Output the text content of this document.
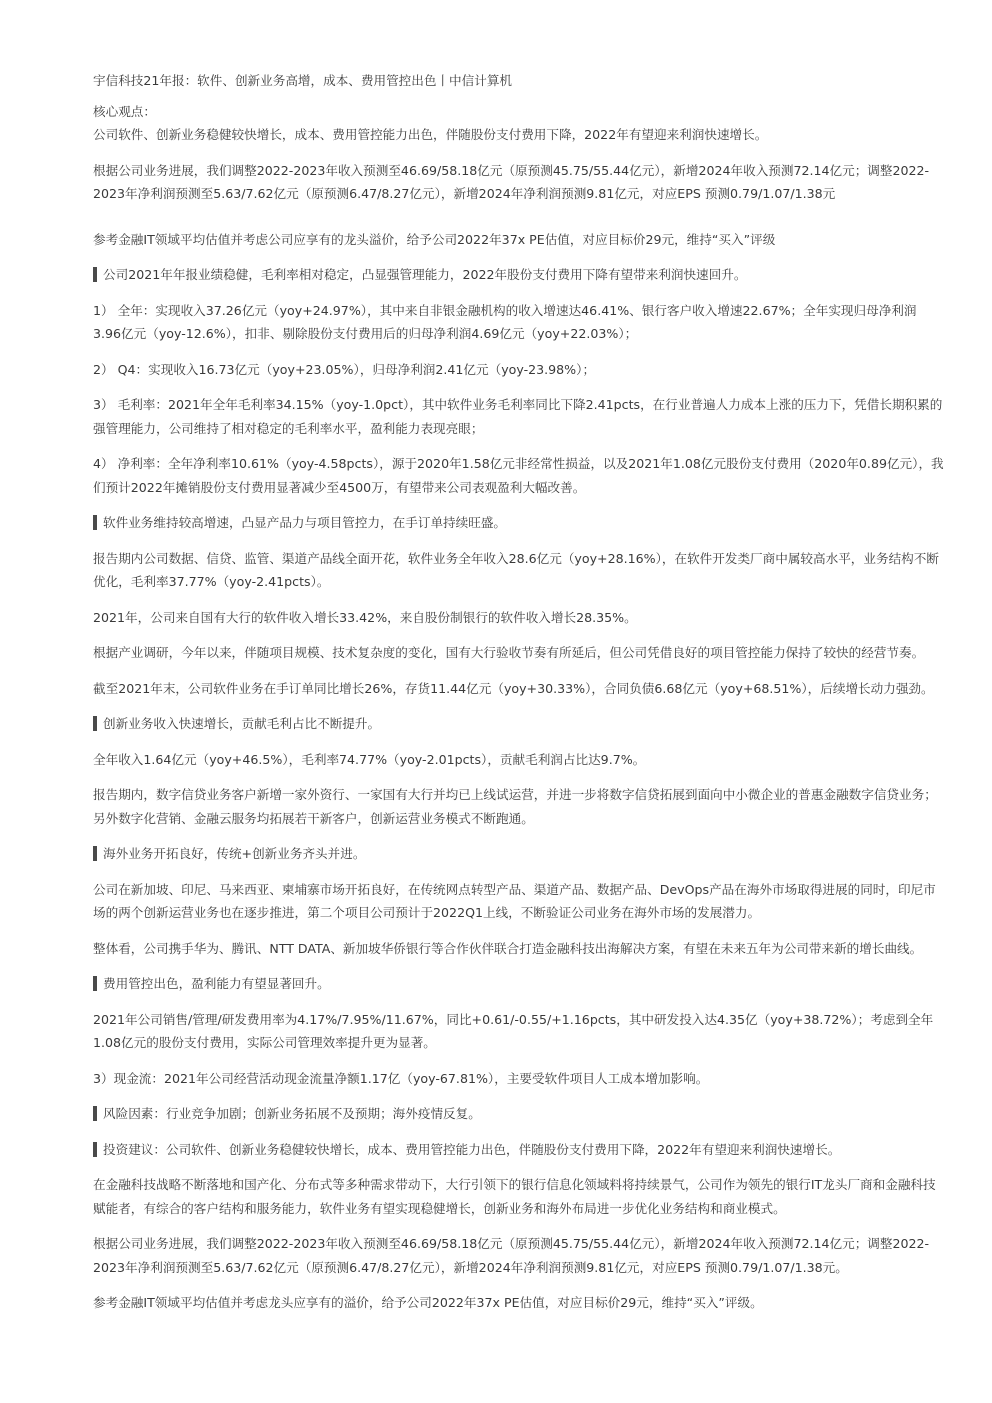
宇信科技21年报：软件、创新业务高增，成本、费用管控出色丨中信计算机
核心观点：

公司软件、创新业务稳健较快增长，成本、费用管控能力出色，伴随股份支付费用下降，2022年有望迎来利润快速增长。

根据公司业务进展，我们调整2022-2023年收入预测至46.69/58.18亿元（原预测45.75/55.44亿元），新增2024年收入预测72.14亿元；调整2022-2023年净利润预测至5.63/7.62亿元（原预测6.47/8.27亿元），新增2024年净利润预测9.81亿元，对应EPS 预测0.79/1.07/1.38元

参考金融IT领域平均估值并考虑公司应享有的龙头溢价，给予公司2022年37x PE估值，对应目标价29元，维持“买入”评级

公司2021年年报业绩稳健，毛利率相对稳定，凸显强管理能力，2022年股份支付费用下降有望带来利润快速回升。

1） 全年：实现收入37.26亿元（yoy+24.97%），其中来自非银金融机构的收入增速达46.41%、银行客户收入增速22.67%；全年实现归母净利润3.96亿元（yoy-12.6%），扣非、剔除股份支付费用后的归母净利润4.69亿元（yoy+22.03%）；

2） Q4：实现收入16.73亿元（yoy+23.05%），归母净利润2.41亿元（yoy-23.98%）；

3） 毛利率：2021年全年毛利率34.15%（yoy-1.0pct），其中软件业务毛利率同比下降2.41pcts，在行业普遍人力成本上涨的压力下，凭借长期积累的强管理能力，公司维持了相对稳定的毛利率水平，盈利能力表现亮眼；

4） 净利率：全年净利率10.61%（yoy-4.58pcts），源于2020年1.58亿元非经常性损益，以及2021年1.08亿元股份支付费用（2020年0.89亿元），我们预计2022年摊销股份支付费用显著减少至4500万，有望带来公司表观盈利大幅改善。

软件业务维持较高增速，凸显产品力与项目管控力，在手订单持续旺盛。

报告期内公司数据、信贷、监管、渠道产品线全面开花，软件业务全年收入28.6亿元（yoy+28.16%），在软件开发类厂商中属较高水平，业务结构不断优化，毛利率37.77%（yoy-2.41pcts）。

2021年，公司来自国有大行的软件收入增长33.42%，来自股份制银行的软件收入增长28.35%。

根据产业调研，今年以来，伴随项目规模、技术复杂度的变化，国有大行验收节奏有所延后，但公司凭借良好的项目管控能力保持了较快的经营节奏。

截至2021年末，公司软件业务在手订单同比增长26%，存货11.44亿元（yoy+30.33%），合同负债6.68亿元（yoy+68.51%），后续增长动力强劲。

创新业务收入快速增长，贡献毛利占比不断提升。

全年收入1.64亿元（yoy+46.5%），毛利率74.77%（yoy-2.01pcts），贡献毛利润占比达9.7%。

报告期内，数字信贷业务客户新增一家外资行、一家国有大行并均已上线试运营，并进一步将数字信贷拓展到面向中小微企业的普惠金融数字信贷业务；另外数字化营销、金融云服务均拓展若干新客户，创新运营业务模式不断跑通。

海外业务开拓良好，传统+创新业务齐头并进。

公司在新加坡、印尼、马来西亚、柬埔寨市场开拓良好，在传统网点转型产品、渠道产品、数据产品、DevOps产品在海外市场取得进展的同时，印尼市场的两个创新运营业务也在逐步推进，第二个项目公司预计于2022Q1上线，不断验证公司业务在海外市场的发展潜力。

整体看，公司携手华为、腾讯、NTT DATA、新加坡华侨银行等合作伙伴联合打造金融科技出海解决方案，有望在未来五年为公司带来新的增长曲线。

费用管控出色，盈利能力有望显著回升。

2021年公司销售/管理/研发费用率为4.17%/7.95%/11.67%，同比+0.61/-0.55/+1.16pcts，其中研发投入达4.35亿（yoy+38.72%）；考虑到全年1.08亿元的股份支付费用，实际公司管理效率提升更为显著。

3）现金流：2021年公司经营活动现金流量净额1.17亿（yoy-67.81%），主要受软件项目人工成本增加影响。

风险因素：行业竞争加剧；创新业务拓展不及预期；海外疫情反复。
投资建议：公司软件、创新业务稳健较快增长，成本、费用管控能力出色，伴随股份支付费用下降，2022年有望迎来利润快速增长。

在金融科技战略不断落地和国产化、分布式等多种需求带动下，大行引领下的银行信息化领域料将持续景气，公司作为领先的银行IT龙头厂商和金融科技赋能者，有综合的客户结构和服务能力，软件业务有望实现稳健增长，创新业务和海外布局进一步优化业务结构和商业模式。

根据公司业务进展，我们调整2022-2023年收入预测至46.69/58.18亿元（原预测45.75/55.44亿元），新增2024年收入预测72.14亿元；调整2022-2023年净利润预测至5.63/7.62亿元（原预测6.47/8.27亿元），新增2024年净利润预测9.81亿元，对应EPS 预测0.79/1.07/1.38元。

参考金融IT领域平均估值并考虑龙头应享有的溢价，给予公司2022年37x PE估值，对应目标价29元，维持“买入”评级。
